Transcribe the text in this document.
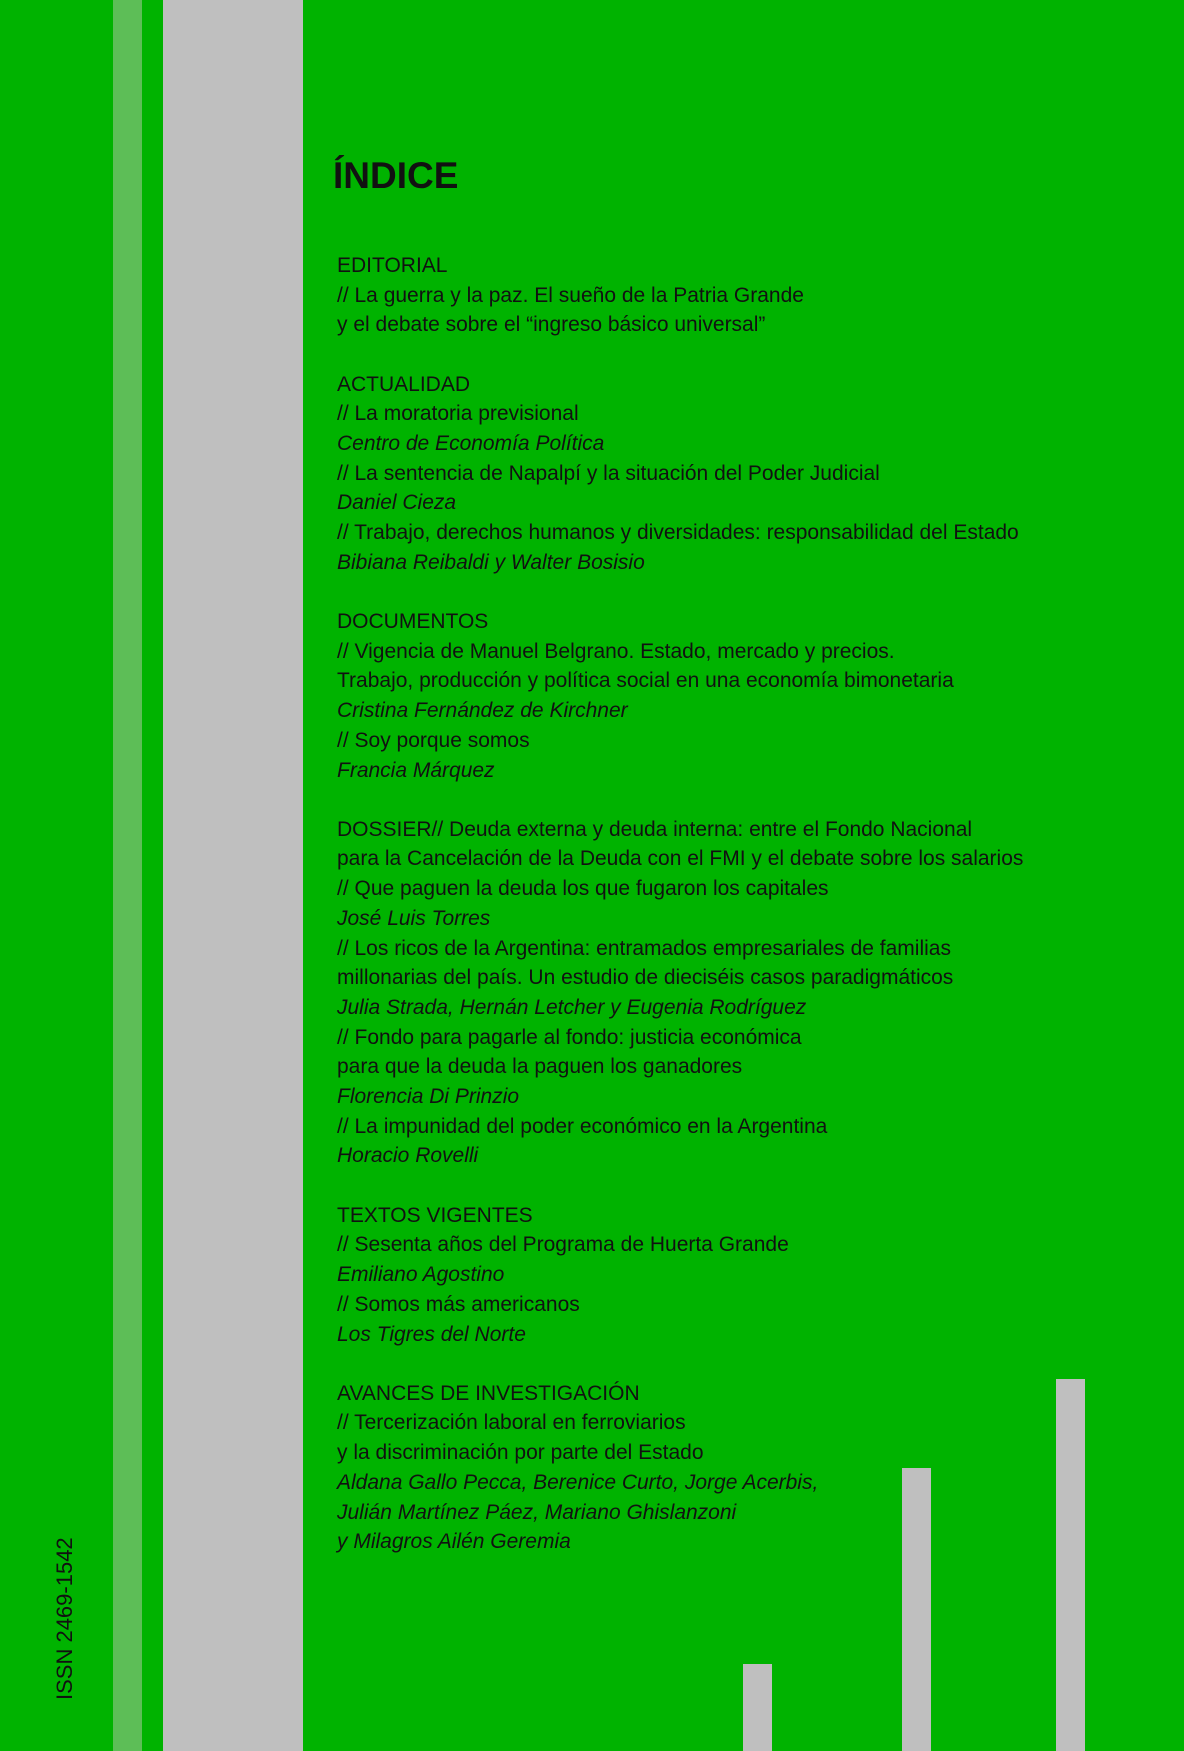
ISSN 2469-1542
ÍNDICE
EDITORIAL
// La guerra y la paz. El sueño de la Patria Grande
y el debate sobre el “ingreso básico universal”
ACTUALIDAD
// La moratoria previsional
Centro de Economía Política
// La sentencia de Napalpí y la situación del Poder Judicial
Daniel Cieza
// Trabajo, derechos humanos y diversidades: responsabilidad del Estado
Bibiana Reibaldi y Walter Bosisio
DOCUMENTOS
// Vigencia de Manuel Belgrano. Estado, mercado y precios.
Trabajo, producción y política social en una economía bimonetaria
Cristina Fernández de Kirchner
// Soy porque somos
Francia Márquez
DOSSIER// Deuda externa y deuda interna: entre el Fondo Nacional
para la Cancelación de la Deuda con el FMI y el debate sobre los salarios
// Que paguen la deuda los que fugaron los capitales
José Luis Torres
// Los ricos de la Argentina: entramados empresariales de familias
millonarias del país. Un estudio de dieciséis casos paradigmáticos
Julia Strada, Hernán Letcher y Eugenia Rodríguez
// Fondo para pagarle al fondo: justicia económica
para que la deuda la paguen los ganadores
Florencia Di Prinzio
// La impunidad del poder económico en la Argentina
Horacio Rovelli
TEXTOS VIGENTES
// Sesenta años del Programa de Huerta Grande
Emiliano Agostino
// Somos más americanos
Los Tigres del Norte
AVANCES DE INVESTIGACIÓN
// Tercerización laboral en ferroviarios
y la discriminación por parte del Estado
Aldana Gallo Pecca, Berenice Curto, Jorge Acerbis,
Julián Martínez Páez, Mariano Ghislanzoni
y Milagros Ailén Geremia
